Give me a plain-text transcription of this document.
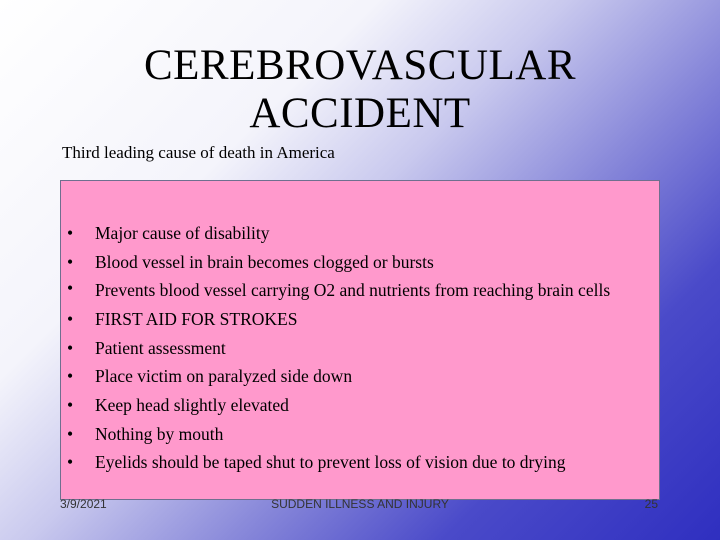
CEREBROVASCULAR
ACCIDENT
Third leading cause of death in America
•	Major cause of disability
•	Blood vessel in brain becomes clogged or bursts
•	Prevents blood vessel carrying O2 and nutrients from reaching brain cells
•	FIRST AID FOR STROKES
•	Patient assessment
•	Place victim on paralyzed side down
•	Keep head slightly elevated
•	Nothing by mouth
•	Eyelids should be taped shut to prevent loss of vision due to drying
3/9/2021	SUDDEN ILLNESS AND INJURY	25
